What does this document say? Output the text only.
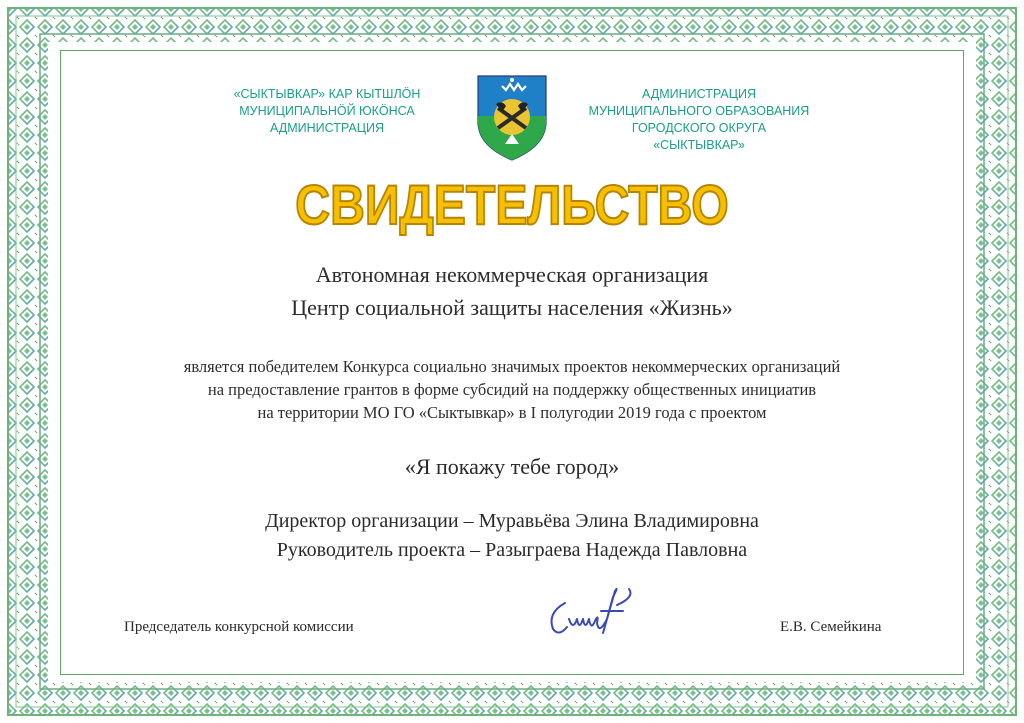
«СЫКТЫВКАР» КАР КЫТШЛӦН
МУНИЦИПАЛЬНӦЙ ЮКӦНСА
АДМИНИСТРАЦИЯ
АДМИНИСТРАЦИЯ
МУНИЦИПАЛЬНОГО ОБРАЗОВАНИЯ
ГОРОДСКОГО ОКРУГА
«СЫКТЫВКАР»
СВИДЕТЕЛЬСТВО
Автономная некоммерческая организация
Центр социальной защиты населения «Жизнь»
является победителем Конкурса социально значимых проектов некоммерческих организаций
на предоставление грантов в форме субсидий на поддержку общественных инициатив
на территории МО ГО «Сыктывкар» в I полугодии 2019 года с проектом
«Я покажу тебе город»
Директор организации – Муравьёва Элина Владимировна
Руководитель проекта – Разыграева Надежда Павловна
Председатель конкурсной комиссии	Е.В. Семейкина
